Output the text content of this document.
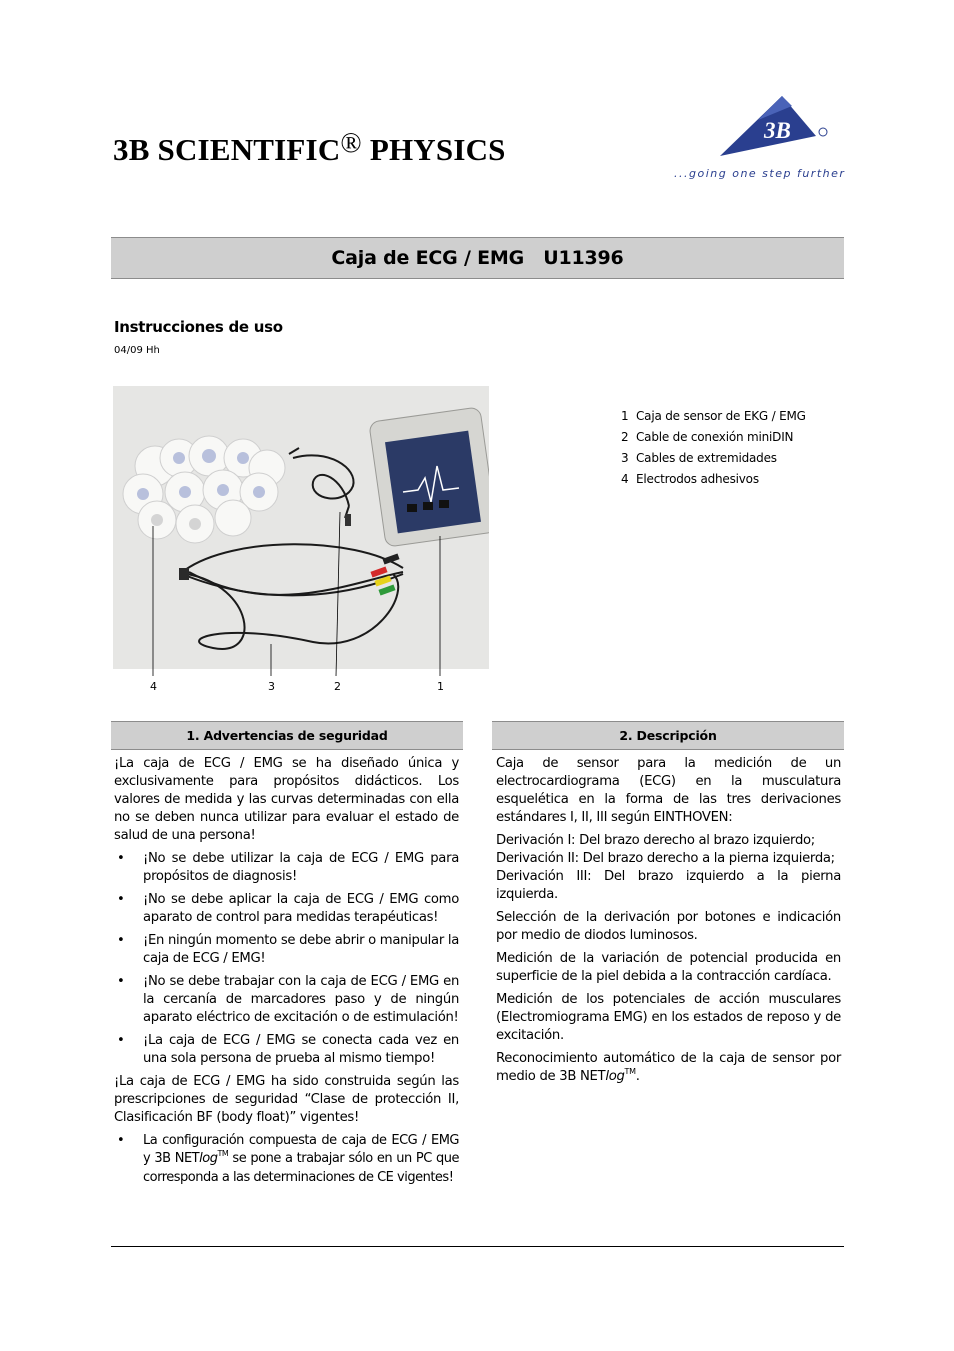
3B SCIENTIFIC® PHYSICS
3B
...going one step further
Caja de ECG / EMG   U11396
Instrucciones de uso
04/09 Hh
4	3	2	1
1 Caja de sensor de EKG / EMG
2 Cable de conexión miniDIN
3 Cables de extremidades
4 Electrodos adhesivos
1. Advertencias de seguridad	2. Descripción

¡La caja de ECG / EMG se ha diseñado única y exclusivamente para propósitos didácticos. Los valores de medida y las curvas determinadas con ella no se deben nunca utilizar para evaluar el estado de salud de una persona!

• ¡No se debe utilizar la caja de ECG / EMG para propósitos de diagnosis!
• ¡No se debe aplicar la caja de ECG / EMG como aparato de control para medidas terapéuticas!
• ¡En ningún momento se debe abrir o manipular la caja de ECG / EMG!
• ¡No se debe trabajar con la caja de ECG / EMG en la cercanía de marcadores paso y de ningún aparato eléctrico de excitación o de estimulación!
• ¡La caja de ECG / EMG se conecta cada vez en una sola persona de prueba al mismo tiempo!

¡La caja de ECG / EMG ha sido construida según las prescripciones de seguridad “Clase de protección II, Clasificación BF (body float)” vigentes!

• La configuración compuesta de caja de ECG / EMG y 3B NETlog™ se pone a trabajar sólo en un PC que corresponda a las determinaciones de CE vigentes!

Caja de sensor para la medición de un electrocardiograma (ECG) en la musculatura esquelética en la forma de las tres derivaciones estándares I, II, III según EINTHOVEN:

Derivación I: Del brazo derecho al brazo izquierdo;
Derivación II: Del brazo derecho a la pierna izquierda;
Derivación III: Del brazo izquierdo a la pierna izquierda.

Selección de la derivación por botones e indicación por medio de diodos luminosos.

Medición de la variación de potencial producida en superficie de la piel debida a la contracción cardíaca.

Medición de los potenciales de acción musculares (Electromiograma EMG) en los estados de reposo y de excitación.

Reconocimiento automático de la caja de sensor por medio de 3B NETlog™.
